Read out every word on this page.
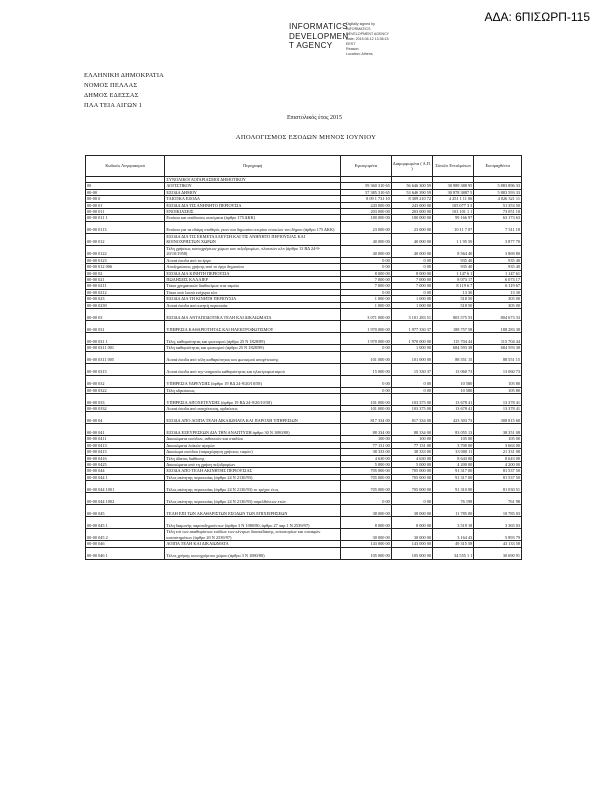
ΑΔΑ: 6ΠΙΣΩΡΠ-115
INFORMATICS
DEVELOPMEN
T AGENCY
Digitally signed by
INFORMATICS
DEVELOPMENT AGENCY
Date: 2015.06.12 13:36:15
EEST
Reason:
Location: Athens
ΕΛΛΗΝΙΚΗ ΔΗΜΟΚΡΑΤΙΑ
ΝΟΜΟΣ ΠΕΛΛΑΣ
ΔΗΜΟΣ ΕΔΕΣΣΑΣ
ΠΛΑ ΤΕΙΑ ΑΙΓΩΝ 1
Επιστολικός έτος 2015
ΑΠΟΛΟΓΙΣΜΟΣ ΕΞΟΔΩΝ ΜΗΝΟΣ ΙΟΥΝΙΟΥ
Κωδικός Λογαριασμού	Περιγραφή	Εγκεκριμένα	Διαμορφωμένα ( Α.Π. )	Σύνολο Ενταλμάτων	Εισπραχθέντα
	ΣΥΝΟΛΙΚΟΙ ΛΟΓΑΡΙΑΣΜΟΙ ΔΗΜΟΤΙΚΟΥ				
00	ΛΟΓΙΣΤΙΚΟΥ	59 360 310 65	56 646 300 59	30 989 388 95	5 883 896 33
00-00	ΕΞΟΔΑ ΔΗΜΟΥ	57 385 310 65	53 646 390 59	30 878 3887 5	5 883 593 33
00-00 0	ΤΑΚΤΙΚΑ ΕΞΟΔΑ	8 09 1 731 10	8 309 210 72	4 251 1 11 06	4 026 321 11
00-00 01	ΕΞΟΔΑ ΔΙΑ ΤΙΣ ΑΝΗΝΗΤΟ ΠΕΡΙΟΥΣΙΑ	243 000 00	243 000 00	105 077 3 3	51 353 50
00-00 011	ΕΝΟΙΚΙΑΣΕΙΣ	203 000 00	203 000 00	103 101 1 1	73 051 18
00-00 011 1	Ενοίκια και απόδοσεις αυτόματα (άρθρο 175 ΔΚΚ)	180 000 00	180 000 00	99 166 97	63 173 63
00-00 0113	Ενοίκια για τα εδάφη σταθερά, γεων και δημοσίου κτιρίου ενοικίων του δήμου (άρθρο 175 ΔΚΚ)	23 000 00	23 000 00	10 11 7 07	7 311 18
00-00 012	ΕΞΟΔΑ ΔΙΑ ΤΙΣ ΕΚΜΕΤΑΛΛΕΥΣΗ ΚΑΙ ΤΙΣ ΑΝΗΝΗΤΟ ΠΕΡΙΟΥΣΙΑΣ ΚΑΙ ΚΟΙΝΟΧΡΗΣΤΩΝ ΧΩΡΩΝ	40 000 00	40 000 00	1 1 95 50	3 877 70
00-00 0122	Τέλη χρήσεως κοινοχρήστων χώρων και πεζοδρομίων, πλατειών κλπ (άρθρο 13 ΒΔ 24-9-20/10/1958)	40 000 00	40 000 00	8 564 40	3 869 80
00-00 0123	Λοιπά έσοδα από τα έργα	0 00	0 00	935 40	935 40
00-00 012 006	Αποζημιώσεις χρήσης από το έργο δημοσίου	0 00	0 00	935 40	935 40
00-00 02	ΕΞΟΔΑ ΔΙΑ ΚΙΝΗΤΗ ΠΕΡΙΟΥΣΙΑ	8 000 00	8 000 00	1 147 6 1	1 147 61
00-00 021	ΠΩΛΗΣΕΙΣ ΚΑΛΛΙΕΡ	7 000 00	7 000 00	8 073 17	6 073 17
00-00 0211	Τόκοι χρηματικών διαθεσίμων στα ταμεία	7 000 00	7 000 00	8 119 6 7	6 119 67
00-00 0212	Τόκοι από λοιπά ενέχυρα κλπ	0 00	0 00	13 30	13 30
00-00 023	ΕΞΟΔΑ ΔΙΑ ΤΗ ΚΙΝΗΤΗ ΠΕΡΙΟΥΣΙΑ	1 000 00	1 000 00	518 50	305 00
00-00 0239	Λοιπά έσοδα από κινητή περιουσία	1 000 00	1 000 00	518 50	305 00
00-00 03	ΕΞΟΔΑ ΔΙΑ ΑΝΤΑΠΟΔΟΤΙΚΑ ΤΕΛΗ ΚΑΙ ΔΙΚΑΙΩΜΑΤΑ	3 071 000 00	3 101 283 51	803 575 53	804 673 33
00-00 031	ΥΠΗΡΕΣΙΑ ΚΑΘΑΡΙΟΤΗΤΑΣ ΚΑΙ ΗΛΕΚΤΡΟΦΩΤΙΣΜΟΥ	1 970 000 00	1 977 330 37	188 757 58	188 283 38
00-00 031 1	Τέλη, καθαριότητας και φωτισμού (άρθρο 25 Ν 1828/89)	1 970 000 00	1 970 000 00	115 704 44	115 704 44
00-00 0311 001	Τέλη καθαριότητας και φωτισμού (άρθρο 25 Ν 1828/89)	0 00	1 000 00	684 593 38	684 593 38
00-00 0311 005	Λοιπά έσοδα από τέλη καθαριότητας και φωτισμού αποχέτευσης	101 000 00	101 000 00	88 551 15	88 551 15
00-00 0315	Λοιπά έσοδα από την υπηρεσία καθαριότητας και ηλεκτροφωτισμού	15 000 00	15 330 37	13 060 73	13 060 73
00-00 032	ΥΠΗΡΕΣΙΑ ΥΔΡΕΥΣΗΣ (άρθρο 19 ΒΔ 24-9/20/10/58)	0 00	0 00	10 580	105 80
00-00 0322	Τέλη υδρεύσεως	0 00	0 00	10 580	105 80
00-00 033	ΥΠΗΡΕΣΙΑ ΑΠΟΧΕΤΕΥΣΗΣ (άρθρο 19 ΒΔ 24-9/20/10/58)	101 000 00	103 375 00	13 678 41	13 378 41
00-00 0332	Λοιπά έσοδα από αποχέτευση, αρδεύσεις	101 000 00	103 375 00	13 678 41	13 378 41
00-00 04	ΕΞΟΔΑ ΑΠΟ ΛΟΙΠΑ ΤΕΛΗ ΔΙΚΑΙΩΜΑΤΑ ΚΑΙ ΠΑΡΟΧΗ ΥΠΗΡΕΣΙΩΝ	817 334 00	817 334 00	423 303 73	308 815 60
00-00 041	ΕΞΟΔΑ ΕΞΕΥΡΕΣΕΩΝ ΔΙΑ ΤΗΝ ΑΝΑΠΤΥΞΗ άρθρο 30 Ν 1080/80)	88 334 00	88 334 00	83 055 13	38 351 08
00-00 0411	Δικαιώματα εισόδων, αιθουσών και σταδίου	100 00	100 00	105 00	105 00
00-00 0413	Δικαιώματα λαϊκών αγορών	77 131 00	77 131 00	3 700 00	3 663 00
00-00 0415	Δικαίωμα εισόδου (παραχώρηση χρήσεως ταφών)	38 333 00	38 333 00	33 000 11	21 331 08
00-00 0416	Τέλη ύδατος διάθεσης	4 630 00	4 630 00	8 643 00	8 643 00
00-00 0425	Δικαιώματα από τη χρήση πεζοδρομίων	5 000 00	5 000 00	4 200 00	4 200 00
00-00 044	ΕΞΟΔΑ ΑΠΟ ΤΕΛΗ ΑΚΙΝΗΤΗΣ ΠΕΡΙΟΥΣΙΑΣ	705 000 00	705 000 00	91 317 00	81 537 50
00-00 044 1	Τέλος ακίνητης περιουσίας (άρθρο 24 Ν 2130/93)	705 000 00	705 000 00	91 317 00	81 537 50
00-00 044 1001	Τέλος ακίνητης περιουσίας (άρθρο 24 Ν 2130/93) το τρέχον έτος	705 000 00	705 000 00	91 310 00	81 030 51
00-00 044 1002	Τέλος ακίνητης περιουσίας (άρθρο 24 Ν 2130/93) παρελθόντων ετών	0 00	0 00	76 198	761 98
00-00 045	ΤΕΛΗ ΕΠΙ ΤΩΝ ΑΚΑΘΑΡΙΣΤΩΝ ΕΣΟΔΩΝ ΤΩΝ ΕΠΙΧΕΙΡΗΣΕΩΝ	38 000 00	38 000 00	11 785 00	10 785 03
00-00 045 1	Τέλη διαμονής παρεπιδημούντων (άρθρο 3 Ν 1080/80, άρθρο 27 παρ 1 Ν 2539/97)	8 000 00	8 000 00	3 519 18	3 365 03
00-00 045 2	Τέλη επί των ακαθαρίστων εσόδων των κέντρων διασκέδασης, εστιατορίων και συναφών καταστημάτων (άρθρο 20 Ν 2539/97)	30 000 00	30 000 00	3 164 43	5 893 79
00-00 046	ΛΟΙΠΑ ΤΕΛΗ ΚΑΙ ΔΙΚΑΙΩΜΑΤΑ	143 000 00	143 000 00	49 315 58	43 133 58
00-00 046 1	Τέλος χρήσης κοινοχρήστου χώρου (άρθρο 3 Ν 1080/80)	105 000 00	105 000 00	34 555 1 1	30 690 91
